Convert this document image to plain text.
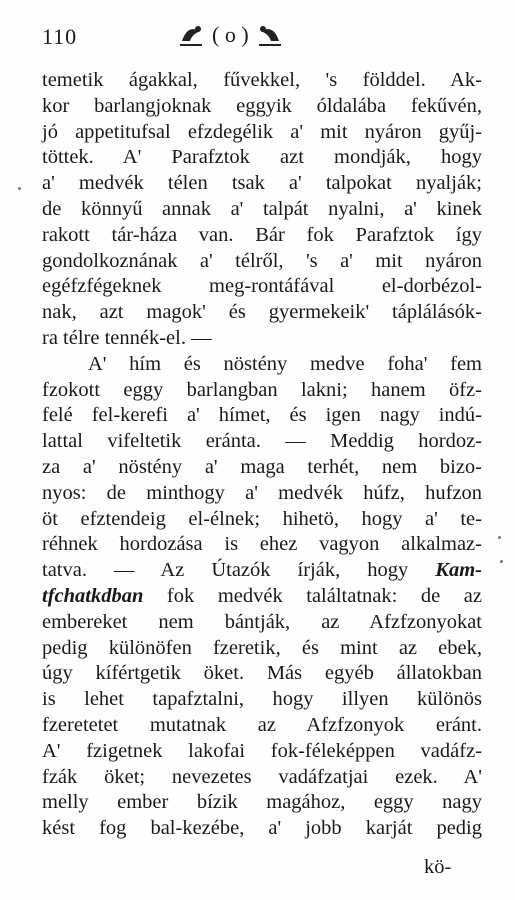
110	( o )
temetik ágakkal, fűvekkel, 's földdel. Ak-
kor barlangjoknak eggyik óldalába fekűvén,
jó appetitufsal efzdegélik a' mit nyáron gyűj-
töttek. A' Parafztok azt mondják, hogy
a' medvék télen tsak a' talpokat nyalják;
de könnyű annak a' talpát nyalni, a' kinek
rakott tár-háza van. Bár fok Parafztok így
gondolkoznának a' télről, 's a' mit nyáron
egéfzfégeknek meg-rontáfával el-dorbézol-
nak, azt magok' és gyermekeik' táplálásók-
ra télre tennék-el. —
A' hím és nöstény medve foha' fem
fzokott eggy barlangban lakni; hanem öfz-
felé fel-kerefi a' hímet, és igen nagy indú-
lattal vifeltetik eránta. — Meddig hordoz-
za a' nöstény a' maga terhét, nem bizo-
nyos: de minthogy a' medvék húfz, hufzon
öt efztendeig el-élnek; hihetö, hogy a' te-
réhnek hordozása is ehez vagyon alkalmaz-
tatva. — Az Útazók írják, hogy Kam-
tfchatkdban fok medvék találtatnak: de az
embereket nem bántják, az Afzfzonyokat
pedig különöfen fzeretik, és mint az ebek,
úgy kífértgetik öket. Más egyéb állatokban
is lehet tapafztalni, hogy illyen különös
fzeretetet mutatnak az Afzfzonyok eránt.
A' fzigetnek lakofai fok-féleképpen vadáfz-
fzák öket; nevezetes vadáfzatjai ezek. A'
melly ember bízik magához, eggy nagy
kést fog bal-kezébe, a' jobb karját pedig
kö-
